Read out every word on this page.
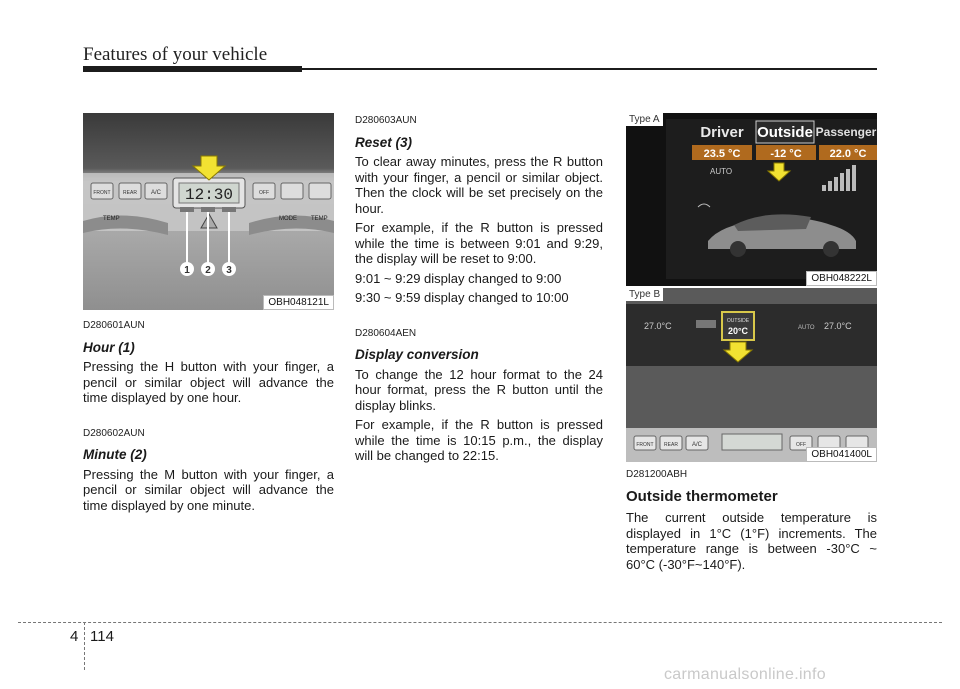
Features of your vehicle
12:30
FRONT REAR A/C	OFF
TEMP	MODE TEMP
1 2 3
OBH048121L
D280601AUN
Hour (1)

Pressing the H button with your finger, a pencil or similar object will advance the time displayed by one hour.

D280602AUN
Minute (2)

Pressing the M button with your finger, a pencil or similar object will advance the time displayed by one minute.

D280603AUN
Reset (3)

To clear away minutes, press the R button with your finger, a pencil or similar object. Then the clock will be set precisely on the hour.

For example, if the R button is pressed while the time is between 9:01 and 9:29, the display will be reset to 9:00.

9:01 ~ 9:29 display changed to 9:00

9:30 ~ 9:59 display changed to 10:00

D280604AEN
Display conversion

To change the 12 hour format to the 24 hour format, press the R button until the display blinks.

For example, if the R button is pressed while the time is 10:15 p.m., the display will be changed to 22:15.

Driver Outside Passenger
23.5 °C	-12 °C	22.0 °C
AUTO
Type A
OBH048222L
27.0°C	OUTSIDE
20°C	AUTO 27.0°C
FRONT REAR A/C	OFF
Type B
OBH041400L
D281200ABH
Outside thermometer

The current outside temperature is displayed in 1°C (1°F) increments. The temperature range is between -30°C ~ 60°C (-30°F~140°F).

4 114
carmanualsonline.info
